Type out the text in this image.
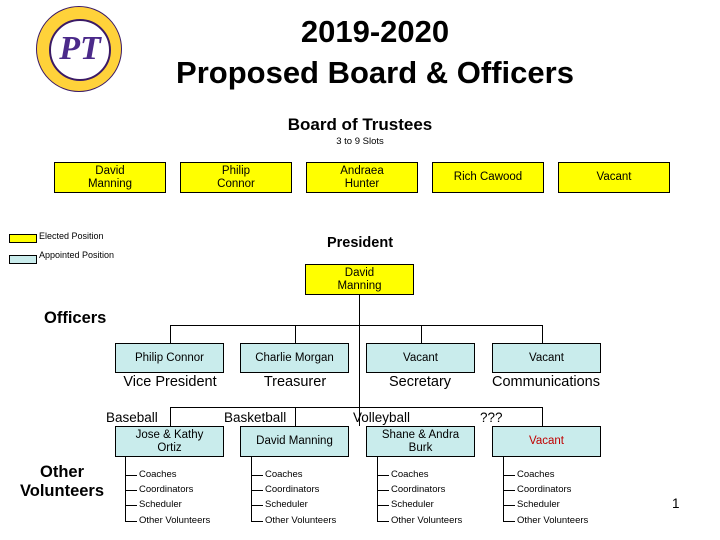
PT	2019-2020
Proposed Board & Officers
Board of Trustees
3 to 9 Slots
David
Manning
Philip
Connor
Andraea
Hunter
Rich Cawood	Vacant
Elected Position
Appointed Position
President
David
Manning
Officers
Philip Connor	Charlie Morgan	Vacant	Vacant
Vice President	Treasurer	Secretary	Communications
Baseball	Basketball	Volleyball	???
Jose & Kathy
Ortiz
David Manning
Shane & Andra
Burk
Vacant
Other
Volunteers
Coaches
Coordinators
Scheduler
Other Volunteers
Coaches
Coordinators
Scheduler
Other Volunteers
Coaches
Coordinators
Scheduler
Other Volunteers
Coaches
Coordinators
Scheduler
Other Volunteers
1
